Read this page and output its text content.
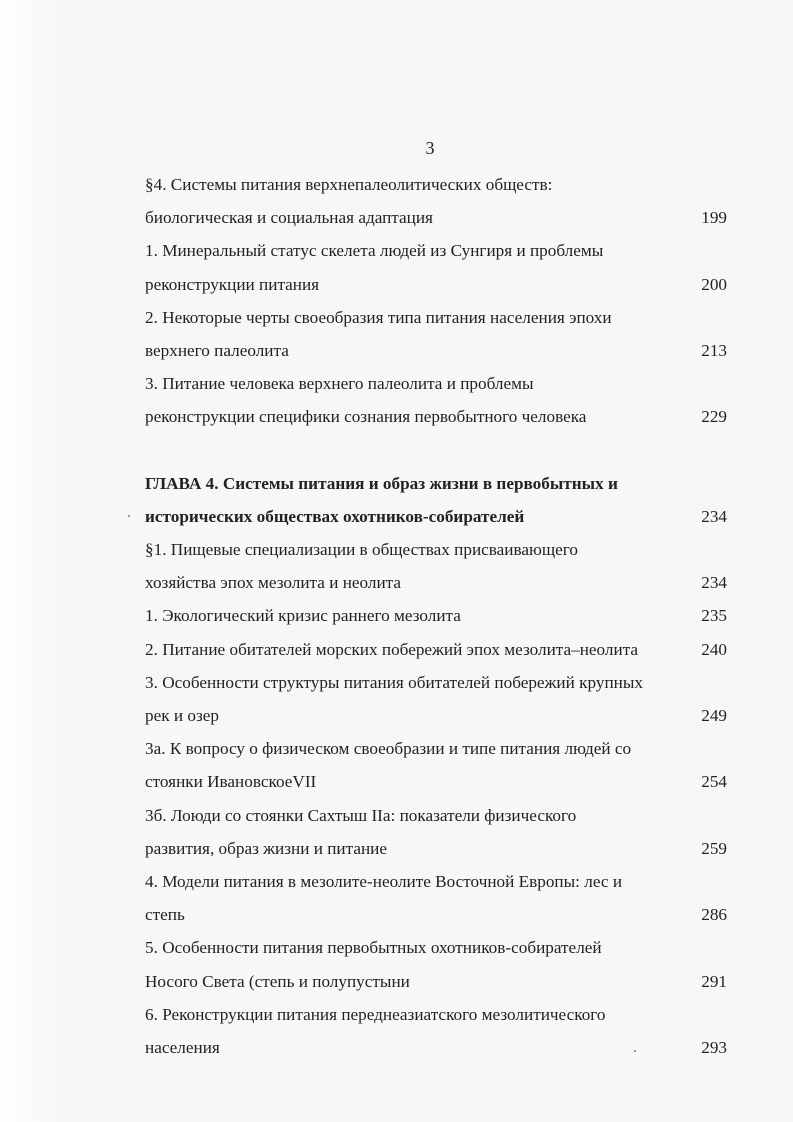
3
§4. Системы питания верхнепалеолитических обществ:
биологическая и социальная адаптация	199
1. Минеральный статус скелета людей из Сунгиря и проблемы
реконструкции питания	200
2. Некоторые черты своеобразия типа питания населения эпохи
верхнего палеолита	213
3. Питание человека верхнего палеолита и проблемы
реконструкции специфики сознания первобытного человека	229
ГЛАВА 4. Системы питания и образ жизни в первобытных и
исторических обществах охотников-собирателей	234
§1. Пищевые специализации в обществах присваивающего
хозяйства эпох мезолита и неолита	234
1. Экологический кризис раннего мезолита	235
2. Питание обитателей морских побережий эпох мезолита–неолита	240
3. Особенности структуры питания обитателей побережий крупных
рек и озер	249
3а. К вопросу о физическом своеобразии и типе питания людей со
стоянки ИвановскоеVII	254
3б. Лоюди со стоянки Сахтыш IIа: показатели физического
развития, образ жизни и питание	259
4. Модели питания в мезолите-неолите Восточной Европы: лес и
степь	286
5. Особенности питания первобытных охотников-собирателей
Носого Света (степь и полупустыни	291
6. Реконструкции питания переднеазиатского мезолитического
населения	293
